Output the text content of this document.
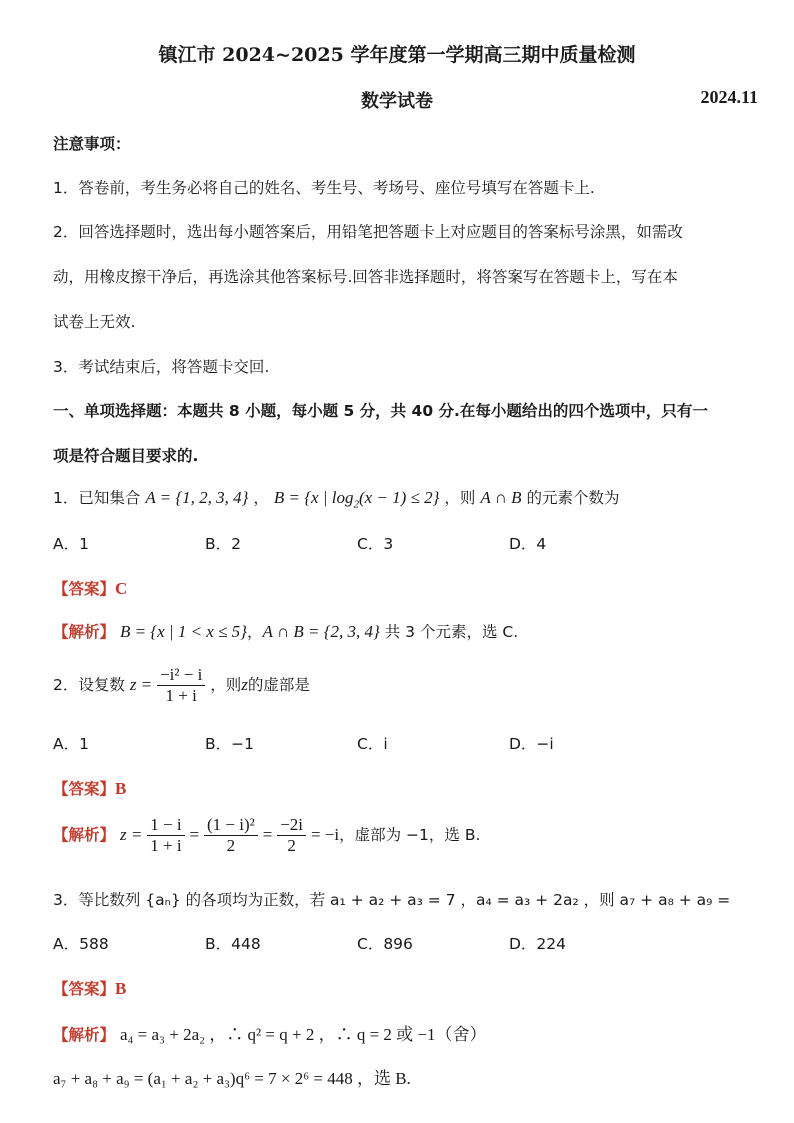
镇江市 2024~2025 学年度第一学期高三期中质量检测
数学试卷	2024.11
注意事项：
1．答卷前，考生务必将自己的姓名、考生号、考场号、座位号填写在答题卡上.
2．回答选择题时，选出每小题答案后，用铅笔把答题卡上对应题目的答案标号涂黑，如需改
动，用橡皮擦干净后，再选涂其他答案标号.回答非选择题时，将答案写在答题卡上，写在本
试卷上无效.
3．考试结束后，将答题卡交回.
一、单项选择题：本题共 8 小题，每小题 5 分，共 40 分.在每小题给出的四个选项中，只有一
项是符合题目要求的.
1．已知集合 A = {1, 2, 3, 4} ， B = {x | $\log_2(x - 1) \le 2$} ，则 A ∩ B 的元素个数为
A．1	B．2	C．3	D．4
【答案】C
【解析】 B = {x | 1 < x ≤ 5}，A ∩ B = {2, 3, 4} 共 3 个元素，选 C.
2．设复数 $z = \frac{\text{−i² − i}}{1 + i}$ ，则z的虚部是
A．1	B．−1	C．i	D．−i
【答案】B
【解析】 $z = \frac{1 - i}{1 + i} = \frac{\text{(1 − i)²}}{2} = \frac{-2i}{2} = -i$，虚部为 −1，选 B.
3．等比数列 {aₙ} 的各项均为正数，若 a₁ + a₂ + a₃ = 7 ，a₄ = a₃ + 2a₂ ，则 a₇ + a₈ + a₉ =
A．588	B．448	C．896	D．224
【答案】B
【解析】 a₄ = a₃ + 2a₂ ，∴ q² = q + 2 ，∴ q = 2 或 −1（舍）
a₇ + a₈ + a₉ = (a₁ + a₂ + a₃)q⁶ = 7 × 2⁶ = 448 ，选 B.
